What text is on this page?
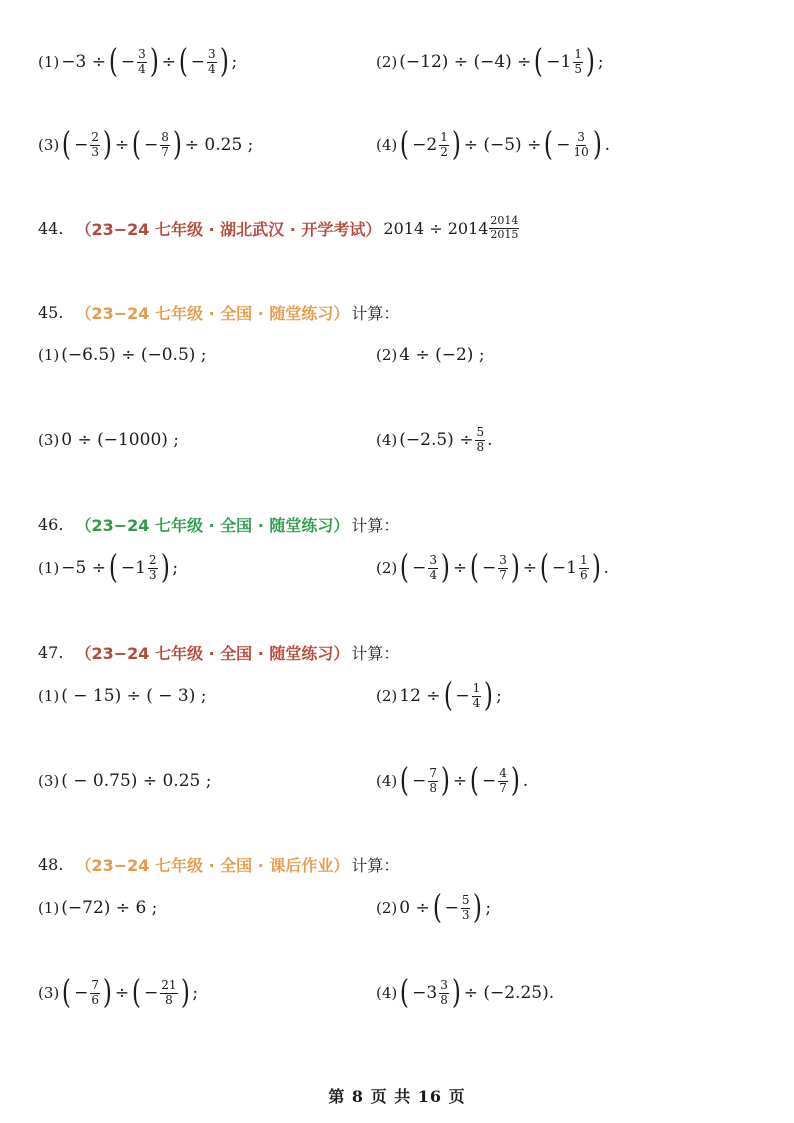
(1) −3 ÷ ( − $\frac{3}{4}$ ) ÷ ( − $\frac{3}{4}$ ) ;	(2) (−12) ÷ (−4) ÷ ( $-1 \frac{1}{5}$ ) ;
(3) ( − $\frac{2}{3}$ ) ÷ ( − $\frac{8}{7}$ ) ÷ 0.25 ;	(4) ( $-2 \frac{1}{2}$ ) ÷ (−5) ÷ ( − $\frac{3}{10}$ ) .
44. （23−24 七年级 · 湖北武汉 · 开学考试） $2014 \div 2014 \frac{2014}{2015}$
45. （23−24 七年级 · 全国 · 随堂练习） 计算：
(1) (−6.5) ÷ (−0.5) ;	(2) 4 ÷ (−2) ;
(3) 0 ÷ (−1000) ;	(4) $(-2.5) \div \frac{5}{8}$ .
46. （23−24 七年级 · 全国 · 随堂练习） 计算：
(1) −5 ÷ ( $-1 \frac{2}{3}$ ) ;	(2) ( − $\frac{3}{4}$ ) ÷ ( − $\frac{3}{7}$ ) ÷ ( $-1 \frac{1}{6}$ ) .
47. （23−24 七年级 · 全国 · 随堂练习） 计算：
(1) ( − 15) ÷ ( − 3) ;	(2) 12 ÷ ( − $\frac{1}{4}$ ) ;
(3) ( − 0.75) ÷ 0.25 ;	(4) ( − $\frac{7}{8}$ ) ÷ ( − $\frac{4}{7}$ ) .
48. （23−24 七年级 · 全国 · 课后作业） 计算：
(1) (−72) ÷ 6 ;	(2) 0 ÷ ( − $\frac{5}{3}$ ) ;
(3) ( − $\frac{7}{6}$ ) ÷ ( − $\frac{21}{8}$ ) ;	(4) ( $-3 \frac{3}{8}$ ) ÷ (−2.25).
第 8 页 共 16 页
